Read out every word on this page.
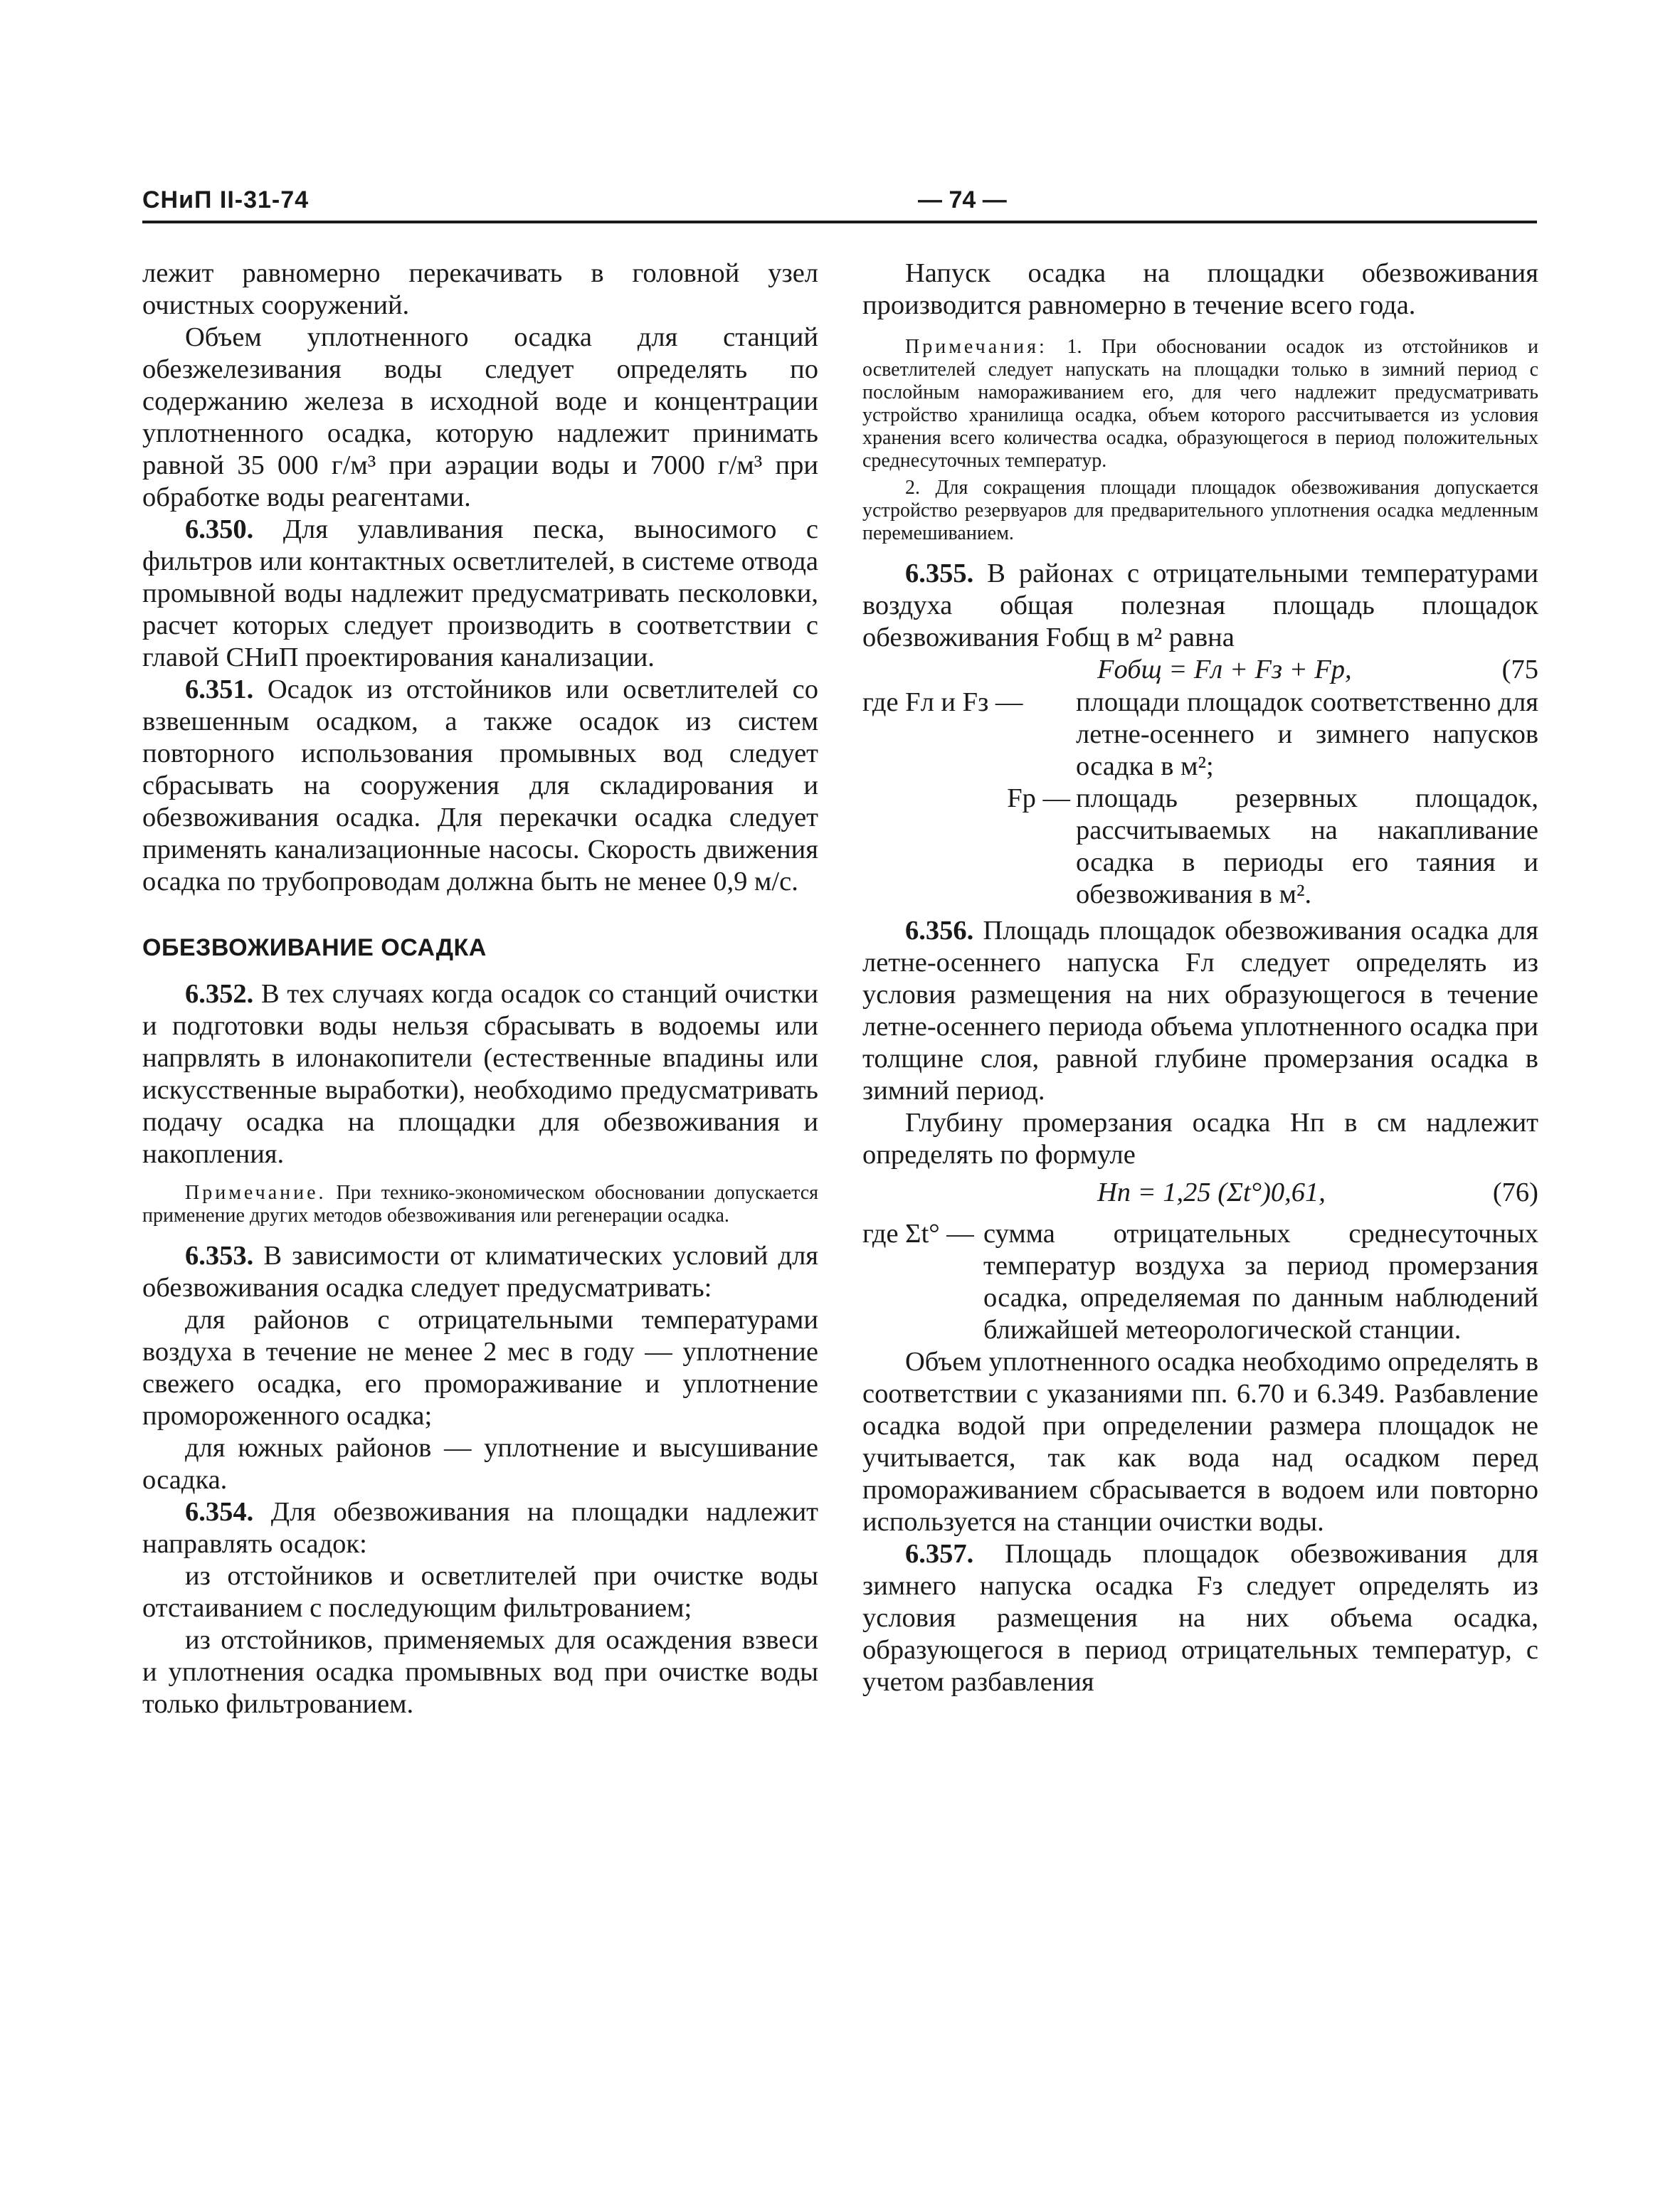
СНиП II-31-74	— 74 —

лежит равномерно перекачивать в головной узел очистных сооружений.

Объем уплотненного осадка для станций обезжелезивания воды следует определять по содержанию железа в исходной воде и концентрации уплотненного осадка, которую надлежит принимать равной 35 000 г/м³ при аэрации воды и 7000 г/м³ при обработке воды реагентами.

6.350. Для улавливания песка, выносимого с фильтров или контактных осветлителей, в системе отвода промывной воды надлежит предусматривать песколовки, расчет которых следует производить в соответствии с главой СНиП проектирования канализации.

6.351. Осадок из отстойников или осветлителей со взвешенным осадком, а также осадок из систем повторного использования промывных вод следует сбрасывать на сооружения для складирования и обезвоживания осадка. Для перекачки осадка следует применять канализационные насосы. Скорость движения осадка по трубопроводам должна быть не менее 0,9 м/с.

ОБЕЗВОЖИВАНИЕ ОСАДКА

6.352. В тех случаях когда осадок со станций очистки и подготовки воды нельзя сбрасывать в водоемы или напрвлять в илонакопители (естественные впадины или искусственные выработки), необходимо предусматривать подачу осадка на площадки для обезвоживания и накопления.

Примечание. При технико-экономическом обосновании допускается применение других методов обезвоживания или регенерации осадка.

6.353. В зависимости от климатических условий для обезвоживания осадка следует предусматривать:

для районов с отрицательными температурами воздуха в течение не менее 2 мес в году — уплотнение свежего осадка, его промораживание и уплотнение промороженного осадка;

для южных районов — уплотнение и высушивание осадка.

6.354. Для обезвоживания на площадки надлежит направлять осадок:

из отстойников и осветлителей при очистке воды отстаиванием с последующим фильтрованием;

из отстойников, применяемых для осаждения взвеси и уплотнения осадка промывных вод при очистке воды только фильтрованием.

Напуск осадка на площадки обезвоживания производится равномерно в течение всего года.

Примечания: 1. При обосновании осадок из отстойников и осветлителей следует напускать на площадки только в зимний период с послойным намораживанием его, для чего надлежит предусматривать устройство хранилища осадка, объем которого рассчитывается из условия хранения всего количества осадка, образующегося в период положительных среднесуточных температур.
2. Для сокращения площади площадок обезвоживания допускается устройство резервуаров для предварительного уплотнения осадка медленным перемешиванием.

6.355. В районах с отрицательными температурами воздуха общая полезная площадь площадок обезвоживания Fобщ в м² равна

Fобщ = Fл + Fз + Fр,	(75
где Fл и Fз —	площади площадок соответственно для летне-осеннего и зимнего напусков осадка в м²;
Fр — площадь резервных площадок, рассчитываемых на накапливание осадка в периоды его таяния и обезвоживания в м².

6.356. Площадь площадок обезвоживания осадка для летне-осеннего напуска Fл следует определять из условия размещения на них образующегося в течение летне-осеннего периода объема уплотненного осадка при толщине слоя, равной глубине промерзания осадка в зимний период.

Глубину промерзания осадка Hп в см надлежит определять по формуле

Hп = 1,25 (Σt°)0,61,	(76)
где Σt° — сумма отрицательных среднесуточных температур воздуха за период промерзания осадка, определяемая по данным наблюдений ближайшей метеорологической станции.

Объем уплотненного осадка необходимо определять в соответствии с указаниями пп. 6.70 и 6.349. Разбавление осадка водой при определении размера площадок не учитывается, так как вода над осадком перед промораживанием сбрасывается в водоем или повторно используется на станции очистки воды.

6.357. Площадь площадок обезвоживания для зимнего напуска осадка Fз следует определять из условия размещения на них объема осадка, образующегося в период отрицательных температур, с учетом разбавления
